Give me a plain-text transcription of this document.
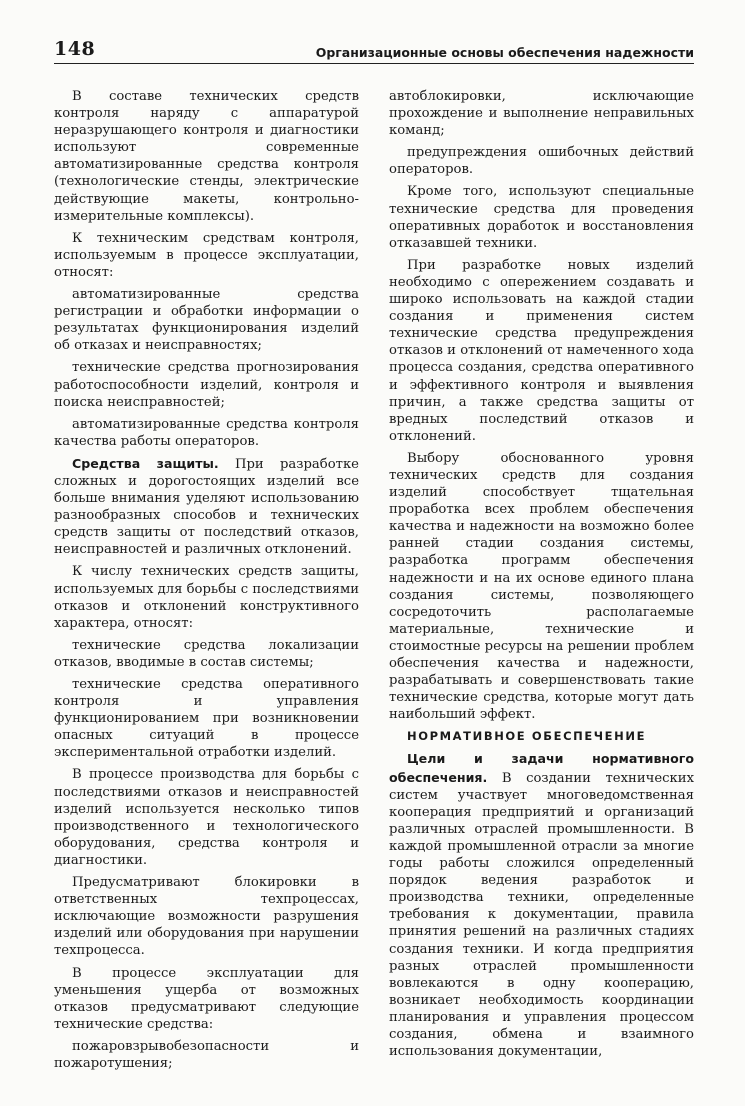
148	Организационные основы обеспечения надежности

В составе технических средств контроля наряду с аппаратурой неразрушающего контроля и диагностики используют современные автоматизированные средства контроля (технологические стенды, электрические действующие макеты, контрольно-измерительные комплексы).

К техническим средствам контроля, используемым в процессе эксплуатации, относят:

автоматизированные средства регистрации и обработки информации о результатах функционирования изделий об отказах и неисправностях;

технические средства прогнозирования работоспособности изделий, контроля и поиска неисправностей;

автоматизированные средства контроля качества работы операторов.

Средства защиты. При разработке сложных и дорогостоящих изделий все больше внимания уделяют использованию разнообразных способов и технических средств защиты от последствий отказов, неисправностей и различных отклонений.

К числу технических средств защиты, используемых для борьбы с последствиями отказов и отклонений конструктивного характера, относят:

технические средства локализации отказов, вводимые в состав системы;

технические средства оперативного контроля и управления функционированием при возникновении опасных ситуаций в процессе экспериментальной отработки изделий.

В процессе производства для борьбы с последствиями отказов и неисправностей изделий используется несколько типов производственного и технологического оборудования, средства контроля и диагностики.

Предусматривают блокировки в ответственных техпроцессах, исключающие возможности разрушения изделий или оборудования при нарушении техпроцесса.

В процессе эксплуатации для уменьшения ущерба от возможных отказов предусматривают следующие технические средства:

пожаровзрывобезопасности и пожаротушения;

автоблокировки, исключающие прохождение и выполнение неправильных команд;

предупреждения ошибочных действий операторов.

Кроме того, используют специальные технические средства для проведения оперативных доработок и восстановления отказавшей техники.

При разработке новых изделий необходимо с опережением создавать и широко использовать на каждой стадии создания и применения систем технические средства предупреждения отказов и отклонений от намеченного хода процесса создания, средства оперативного и эффективного контроля и выявления причин, а также средства защиты от вредных последствий отказов и отклонений.

Выбору обоснованного уровня технических средств для создания изделий способствует тщательная проработка всех проблем обеспечения качества и надежности на возможно более ранней стадии создания системы, разработка программ обеспечения надежности и на их основе единого плана создания системы, позволяющего сосредоточить располагаемые материальные, технические и стоимостные ресурсы на решении проблем обеспечения качества и надежности, разрабатывать и совершенствовать такие технические средства, которые могут дать наибольший эффект.

НОРМАТИВНОЕ ОБЕСПЕЧЕНИЕ

Цели и задачи нормативного обеспечения. В создании технических систем участвует многоведомственная кооперация предприятий и организаций различных отраслей промышленности. В каждой промышленной отрасли за многие годы работы сложился определенный порядок ведения разработок и производства техники, определенные требования к документации, правила принятия решений на различных стадиях создания техники. И когда предприятия разных отраслей промышленности вовлекаются в одну кооперацию, возникает необходимость координации планирования и управления процессом создания, обмена и взаимного использования документации,
